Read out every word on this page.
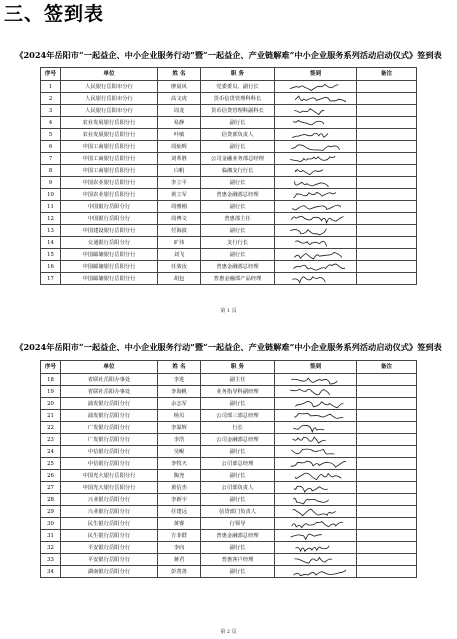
三、签到表
《2024年岳阳市“一起益企、中小企业服务行动”暨“一起益企、产业链解难”中小企业服务系列活动启动仪式》签到表
序号	单位	姓 名	职 务	签到	备注
1	人民银行岳阳市分行	廖晨风	党委委员、副行长	

2	人民银行岳阳市分行	高文虎	货币信贷管理科科长	

3	人民银行岳阳市分行	周龙	货币信贷管理科副科长	

4	农业发展银行岳阳分行	易静	副行长	

5	农业发展银行岳阳分行	叶敏	信贷部负责人	

6	中国工商银行岳阳分行	周灿辉	副行长	

7	中国工商银行岳阳分行	刘革胜	公司金融业务部总经理	

8	中国工商银行岳阳分行	白帆	临湘支行行长	

9	中国农业银行岳阳分行	李立平	副行长	

10	中国农业银行岳阳分行	黄立军	普惠金融部总经理	

11	中国银行岳阳分行	周雅刚	副行长	

12	中国银行岳阳分行	周博文	普惠部主任	

13	中国建设银行岳阳分行	付海波	副行长	

14	交通银行岳阳分行	旷伟	支行行长	

15	中国邮储银行岳阳分行	刘飞	副行长	

16	中国邮储银行岳阳分行	任骏汝	普惠金融部总经理	

17	中国邮储银行岳阳分行	胡包	普惠金融部产品经理	

第 1 页
《2024年岳阳市“一起益企、中小企业服务行动”暨“一起益企、产业链解难”中小企业服务系列活动启动仪式》签到表
序号	单位	姓 名	职 务	签到	备注
18	省联社岳阳办事处	李进	副主任	

19	省联社岳阳办事处	李海帆	业务指导科副经理	

20	浦发银行岳阳分行	余志军	副行长	

21	浦发银行岳阳分行	杨贝	公司部三部总经理	

22	广发银行岳阳分行	李温辉	行长	

23	广发银行岳阳分行	李浩	公司金融部总经理	

24	中信银行岳阳分行	吴鲲	副行长	

25	中信银行岳阳分行	李牧天	公司部总经理	

26	中国光大银行岳阳分行	陶尧	副行长	

27	中国光大银行岳阳分行	黄信杰	公司部负责人	

28	兴业银行岳阳分行	李新宇	副行长	

29	兴业银行岳阳分行	任建远	信贷部门负责人	

30	民生银行岳阳分行	黄睿	行领导	

31	民生银行岳阳分行	方菲群	普惠金融部总经理	

32	平安银行岳阳分行	李向	副行长	

33	平安银行岳阳分行	蒋君	普惠客户经理	

34	湖南银行岳阳分行	彭善善	副行长	

第 2 页
